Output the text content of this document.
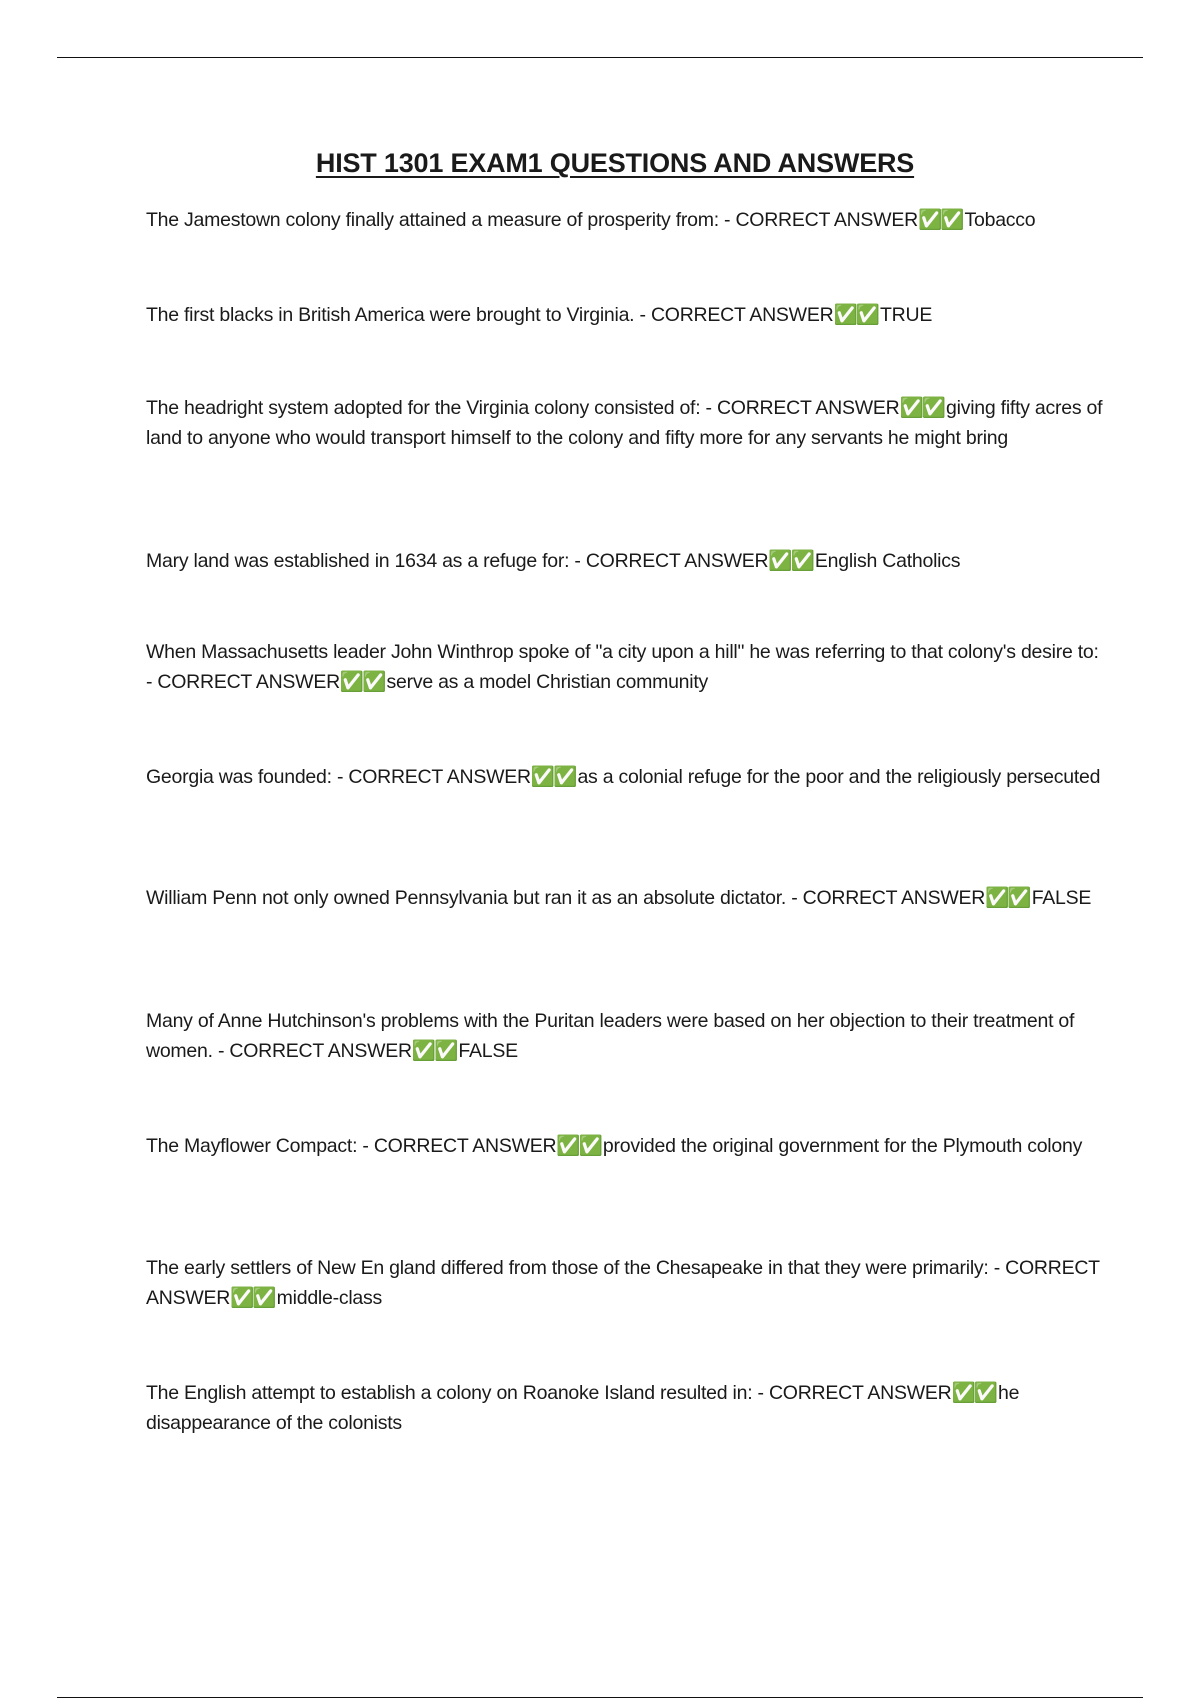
HIST 1301 EXAM1 QUESTIONS AND ANSWERS

The Jamestown colony finally attained a measure of prosperity from: - CORRECT ANSWER✅✅ Tobacco

The first blacks in British America were brought to Virginia. - CORRECT ANSWER✅✅ TRUE

The headright system adopted for the Virginia colony consisted of: - CORRECT ANSWER✅✅ giving fifty acres of land to anyone who would transport himself to the colony and fifty more for any servants he might bring

Mary land was established in 1634 as a refuge for: - CORRECT ANSWER✅✅ English Catholics

When Massachusetts leader John Winthrop spoke of "a city upon a hill" he was referring to that colony's desire to: - CORRECT ANSWER✅✅ serve as a model Christian community

Georgia was founded: - CORRECT ANSWER✅✅ as a colonial refuge for the poor and the religiously persecuted

William Penn not only owned Pennsylvania but ran it as an absolute dictator. - CORRECT ANSWER✅✅ FALSE

Many of Anne Hutchinson's problems with the Puritan leaders were based on her objection to their treatment of women. - CORRECT ANSWER✅✅ FALSE

The Mayflower Compact: - CORRECT ANSWER✅✅ provided the original government for the Plymouth colony

The early settlers of New En gland differed from those of the Chesapeake in that they were primarily: - CORRECT ANSWER✅✅ middle-class

The English attempt to establish a colony on Roanoke Island resulted in: - CORRECT ANSWER✅✅ he disappearance of the colonists
